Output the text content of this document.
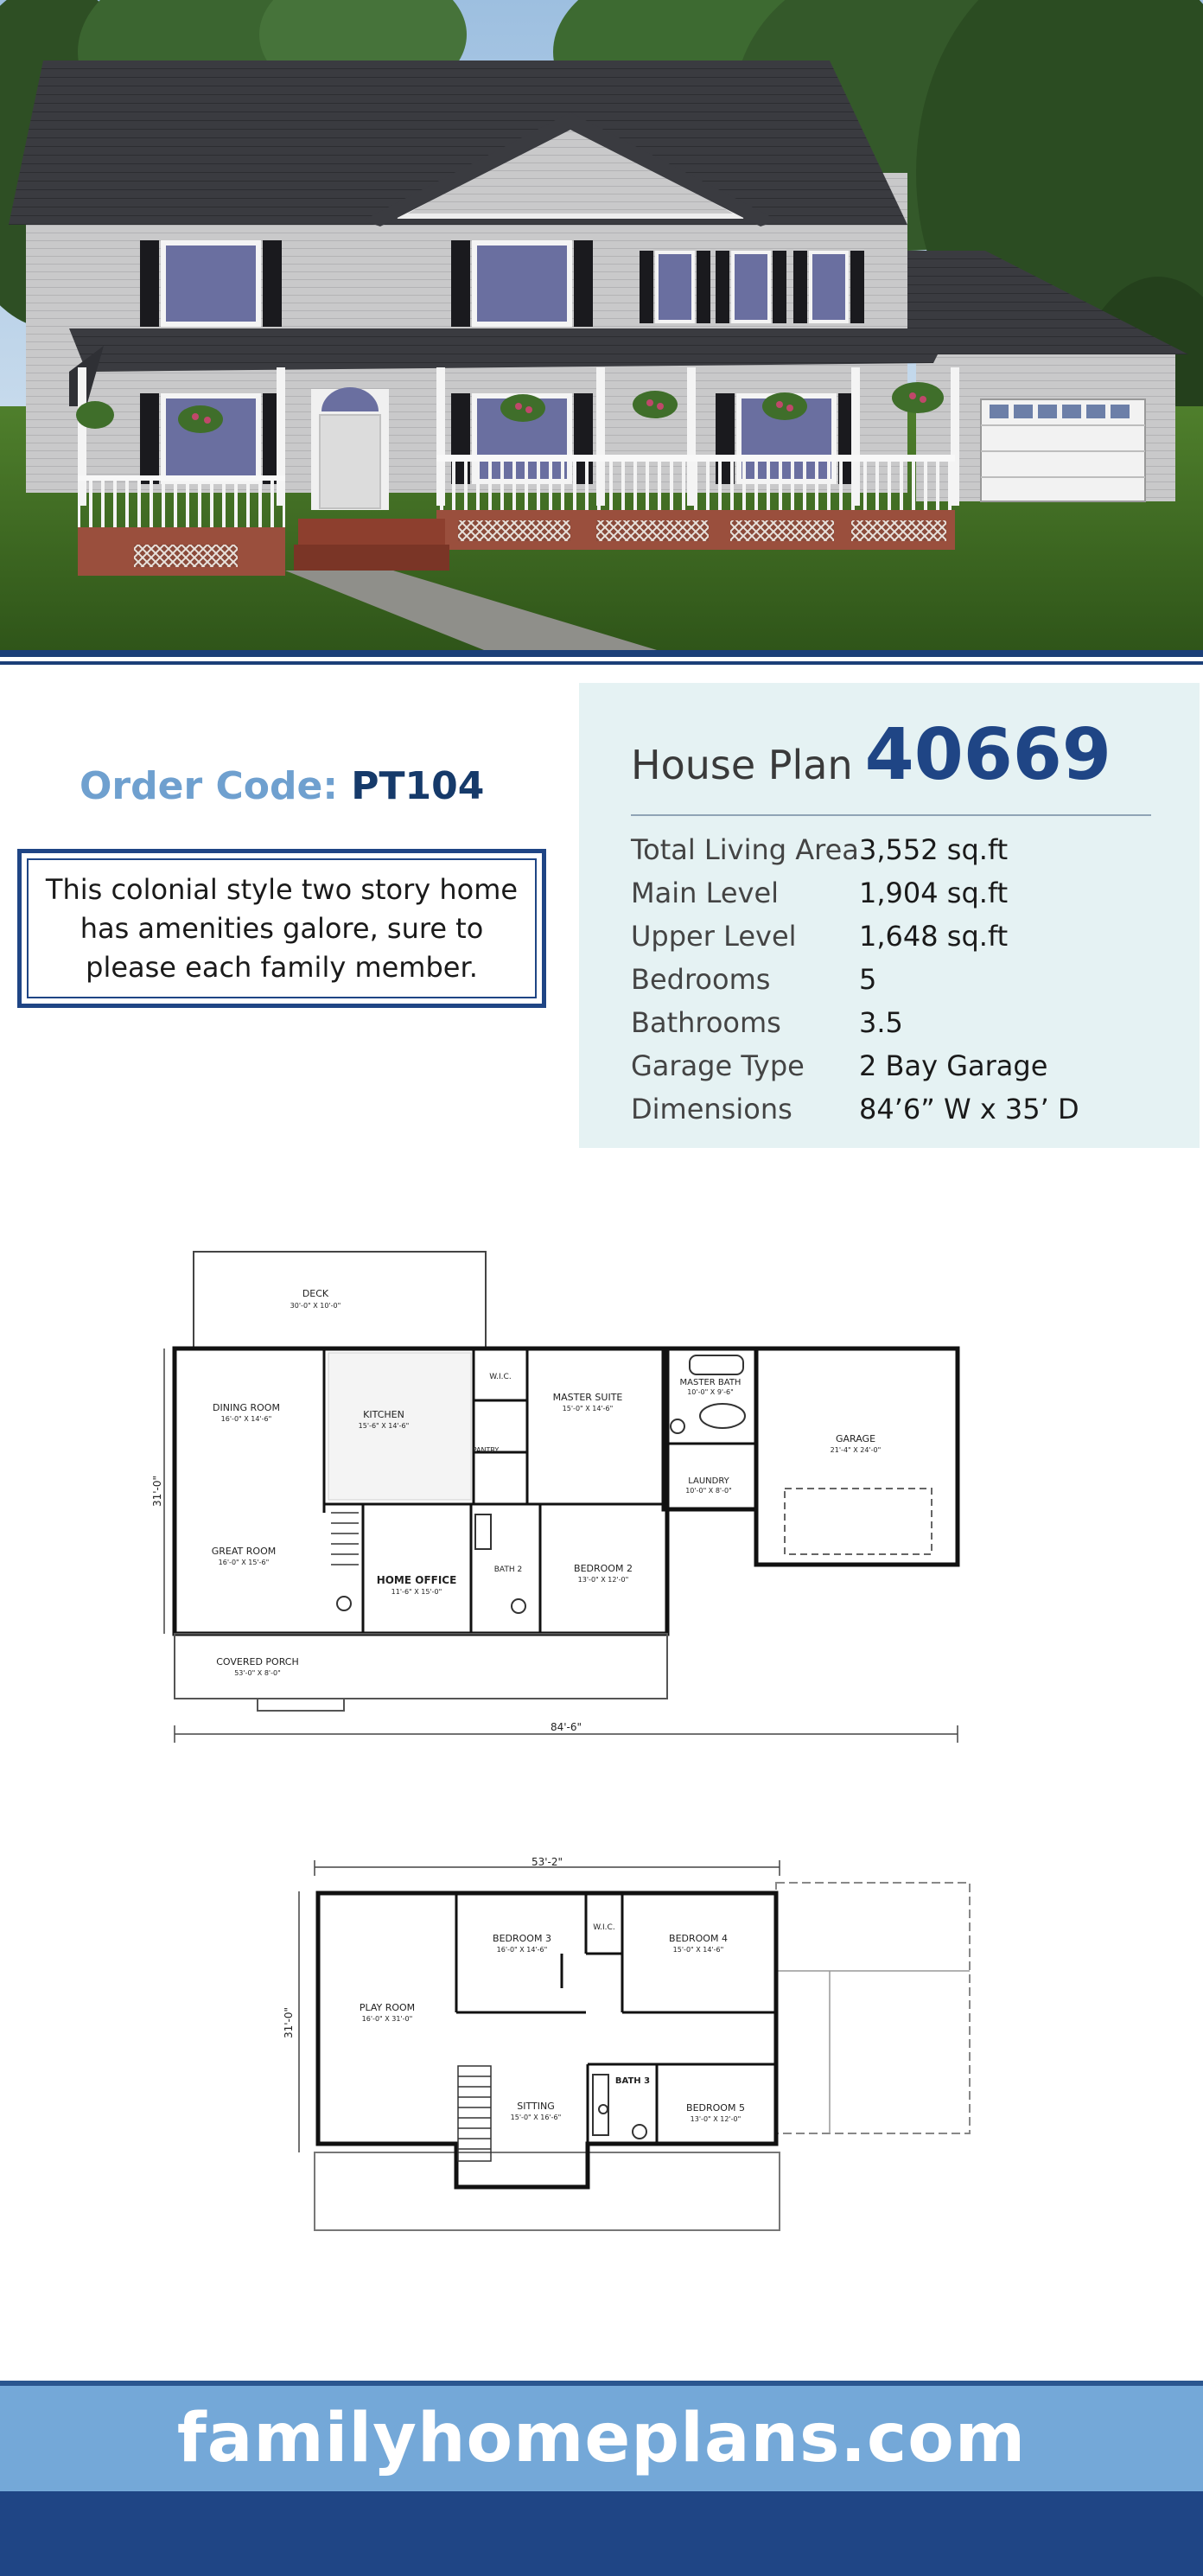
Order Code: PT104

This colonial style two story home has amenities galore, sure to please each family member.

House Plan 40669
Total Living Area 3,552 sq.ft
Main Level	1,904 sq.ft
Upper Level	1,648 sq.ft
Bedrooms	5
Bathrooms	3.5
Garage Type	2 Bay Garage
Dimensions	84’6” W x 35’ D
DECK
30'-0" X 10'-0"
DINING ROOM
16'-0" X 14'-6"	KITCHEN
15'-6" X 14'-6"
W.I.C.
PANTRY
MASTER SUITE
15'-0" X 14'-6"
MASTER BATH
10'-0" X 9'-6"
LAUNDRY
10'-0" X 8'-0"
GARAGE
21'-4" X 24'-0"
GREAT ROOM
16'-0" X 15'-6"
HOME OFFICE
11'-6" X 15'-0"
BATH 2	BEDROOM 2
13'-0" X 12'-0"
COVERED PORCH
53'-0" X 8'-0"
84'-6"
31'-0"
53'-2"
31'-0"	PLAY ROOM
16'-0" X 31'-0"
BEDROOM 3
16'-0" X 14'-6"
W.I.C.
BEDROOM 4
15'-0" X 14'-6"
SITTING
15'-0" X 16'-6"
BATH 3
BEDROOM 5
13'-0" X 12'-0"
familyhomeplans.com
